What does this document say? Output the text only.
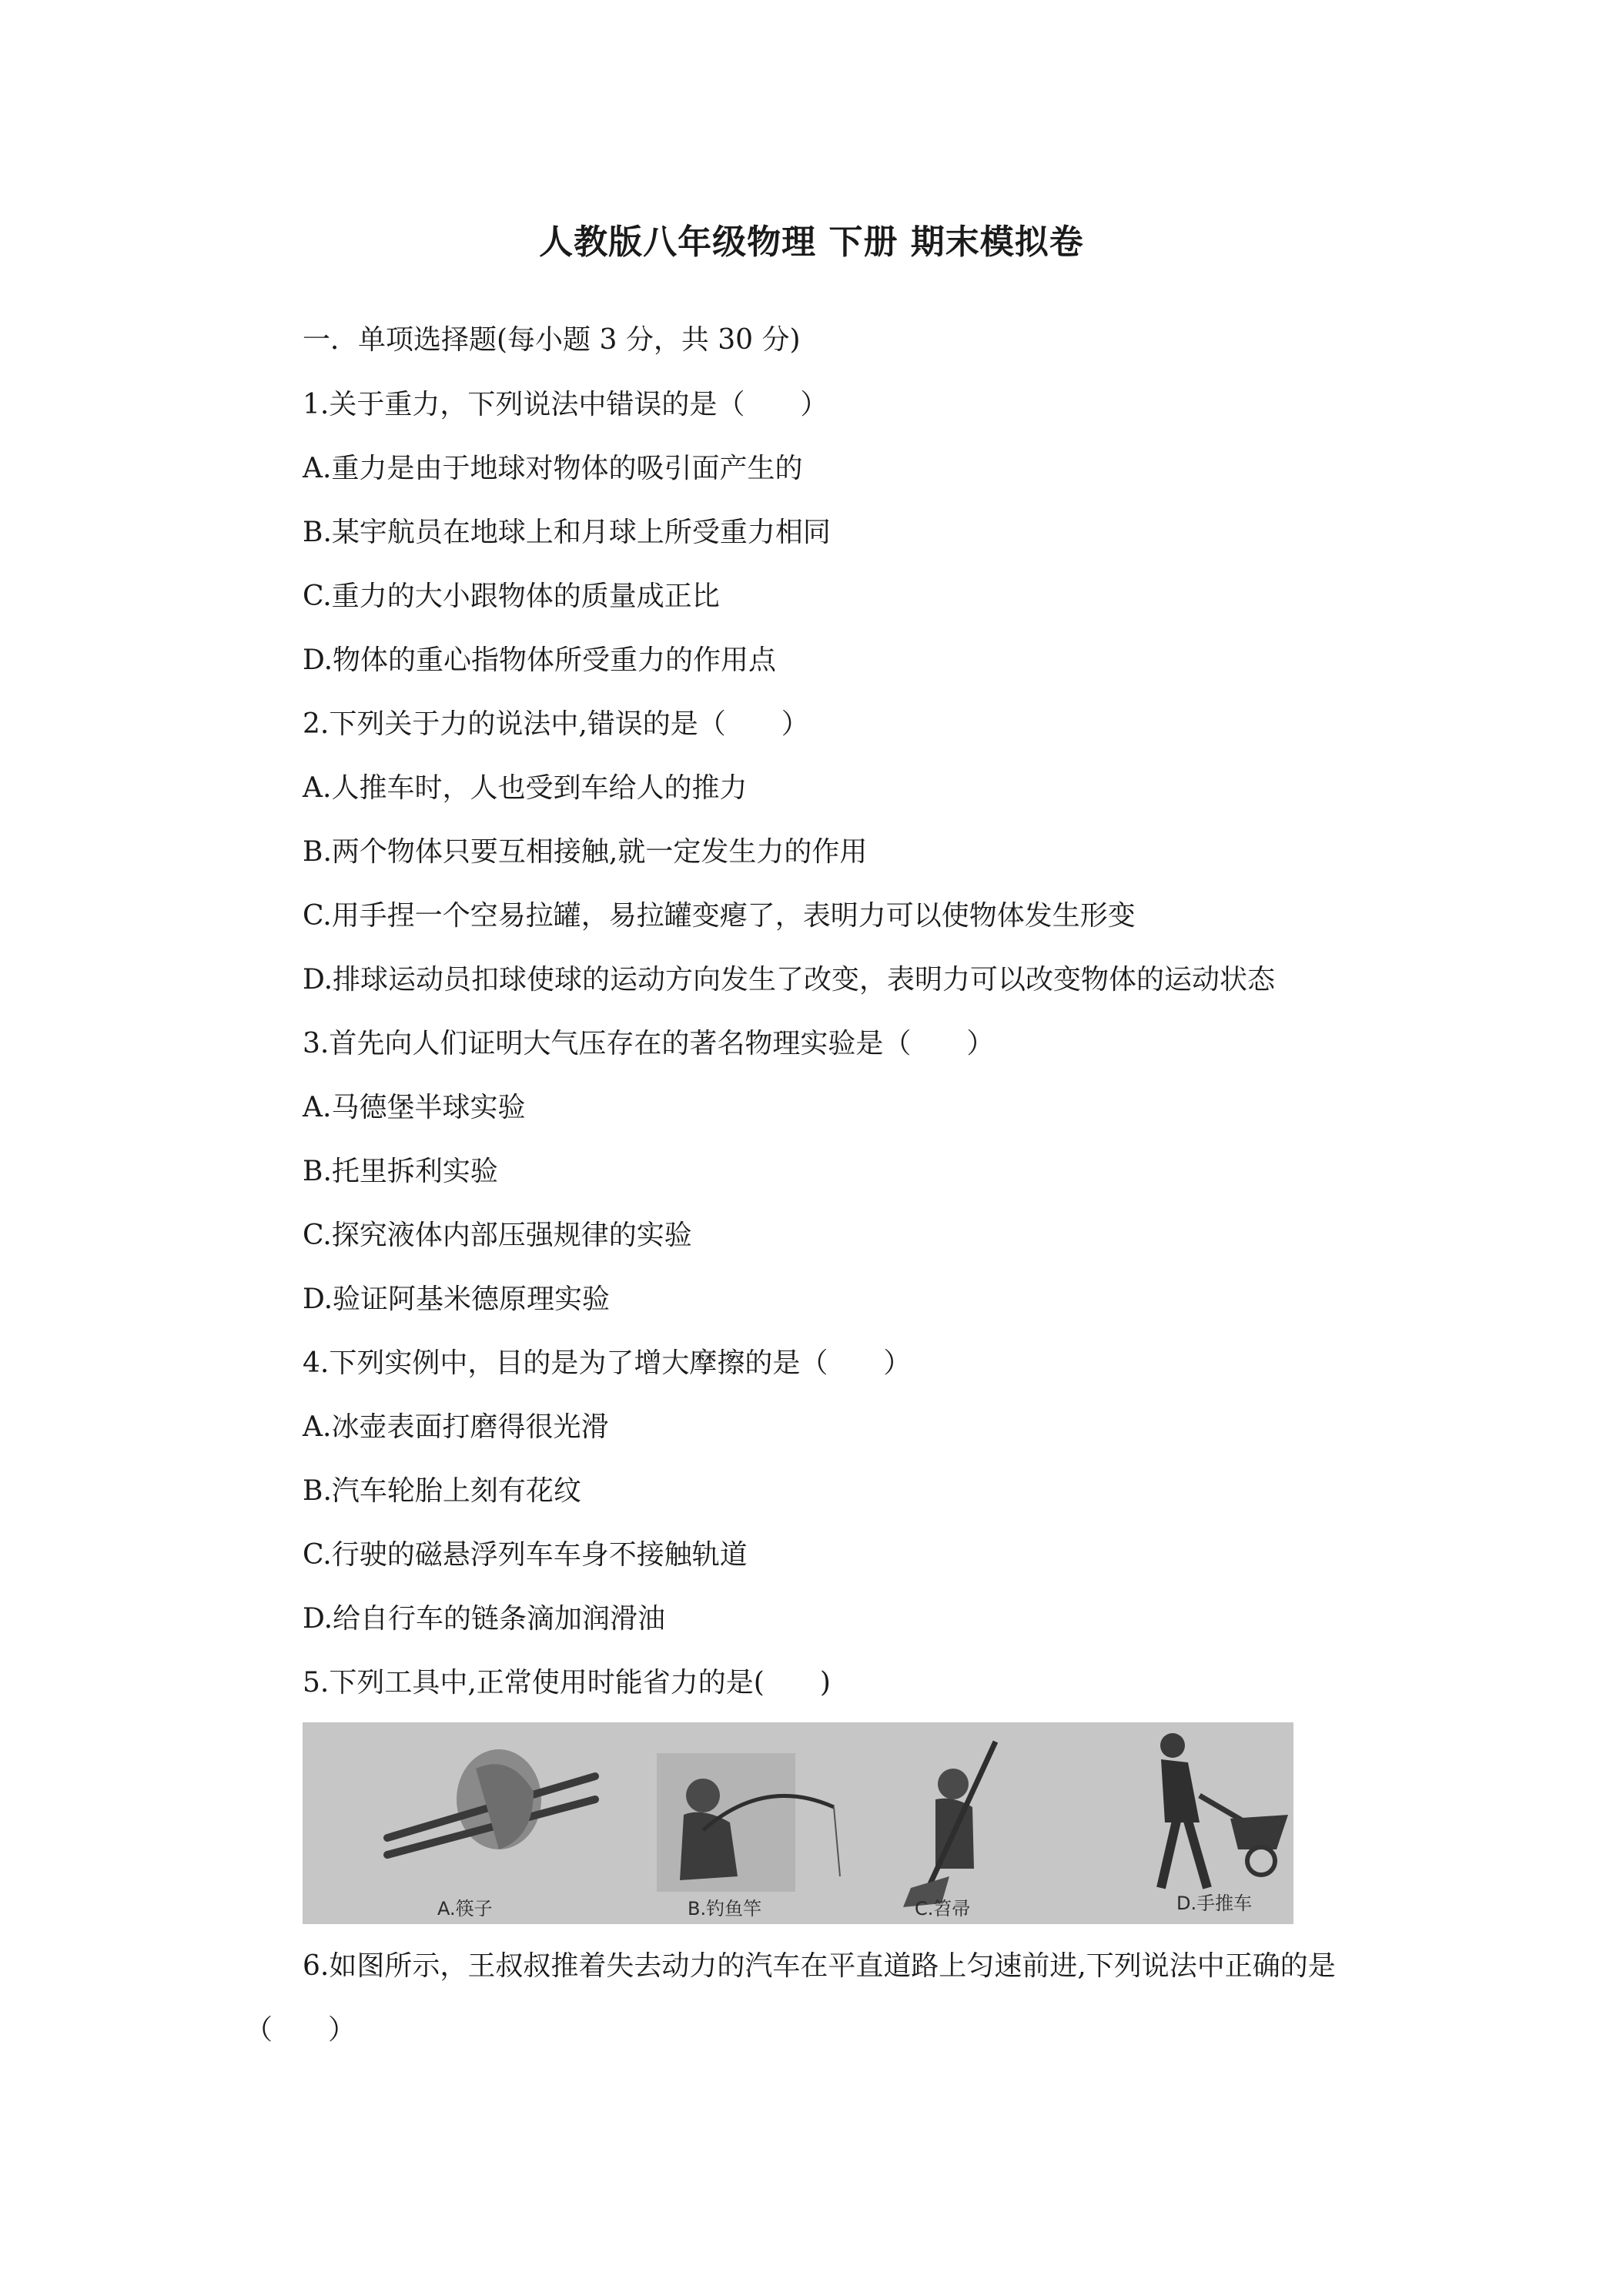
人教版八年级物理 下册 期末模拟卷
一．单项选择题(每小题 3 分，共 30 分)
1.关于重力，下列说法中错误的是（　　）
A.重力是由于地球对物体的吸引面产生的
B.某宇航员在地球上和月球上所受重力相同
C.重力的大小跟物体的质量成正比
D.物体的重心指物体所受重力的作用点
2.下列关于力的说法中,错误的是（　　）
A.人推车时，人也受到车给人的推力
B.两个物体只要互相接触,就一定发生力的作用
C.用手捏一个空易拉罐，易拉罐变瘪了，表明力可以使物体发生形变
D.排球运动员扣球使球的运动方向发生了改变，表明力可以改变物体的运动状态
3.首先向人们证明大气压存在的著名物理实验是（　　）
A.马德堡半球实验
B.托里拆利实验
C.探究液体内部压强规律的实验
D.验证阿基米德原理实验
4.下列实例中，目的是为了增大摩擦的是（　　）
A.冰壶表面打磨得很光滑
B.汽车轮胎上刻有花纹
C.行驶的磁悬浮列车车身不接触轨道
D.给自行车的链条滴加润滑油
5.下列工具中,正常使用时能省力的是(　　)
A.筷子	B.钓鱼竿	C.笤帚	D.手推车
6.如图所示，王叔叔推着失去动力的汽车在平直道路上匀速前进,下列说法中正确的是
（　　）
